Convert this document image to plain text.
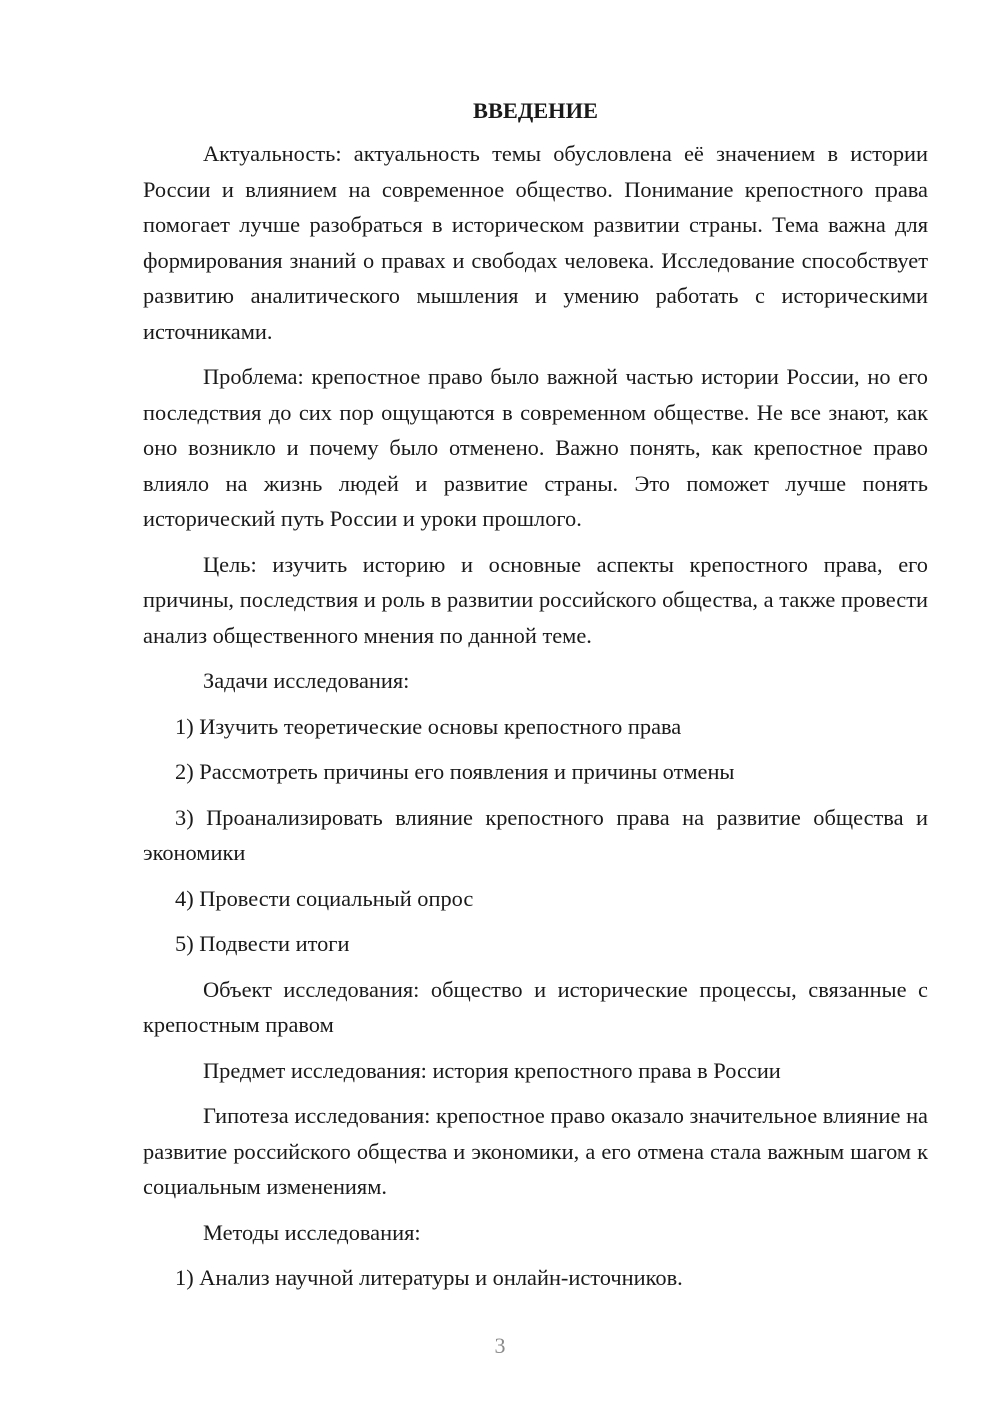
ВВЕДЕНИЕ

Актуальность: актуальность темы обусловлена её значением в истории России и влиянием на современное общество. Понимание крепостного права помогает лучше разобраться в историческом развитии страны. Тема важна для формирования знаний о правах и свободах человека. Исследование способствует развитию аналитического мышления и умению работать с историческими источниками.

Проблема: крепостное право было важной частью истории России, но его последствия до сих пор ощущаются в современном обществе. Не все знают, как оно возникло и почему было отменено. Важно понять, как крепостное право влияло на жизнь людей и развитие страны. Это поможет лучше понять исторический путь России и уроки прошлого.

Цель: изучить историю и основные аспекты крепостного права, его причины, последствия и роль в развитии российского общества, а также провести анализ общественного мнения по данной теме.

Задачи исследования:

1) Изучить теоретические основы крепостного права

2) Рассмотреть причины его появления и причины отмены

3) Проанализировать влияние крепостного права на развитие общества и экономики

4) Провести социальный опрос

5) Подвести итоги

Объект исследования: общество и исторические процессы, связанные с крепостным правом

Предмет исследования: история крепостного права в России

Гипотеза исследования: крепостное право оказало значительное влияние на развитие российского общества и экономики, а его отмена стала важным шагом к социальным изменениям.

Методы исследования:

1) Анализ научной литературы и онлайн-источников.

3
